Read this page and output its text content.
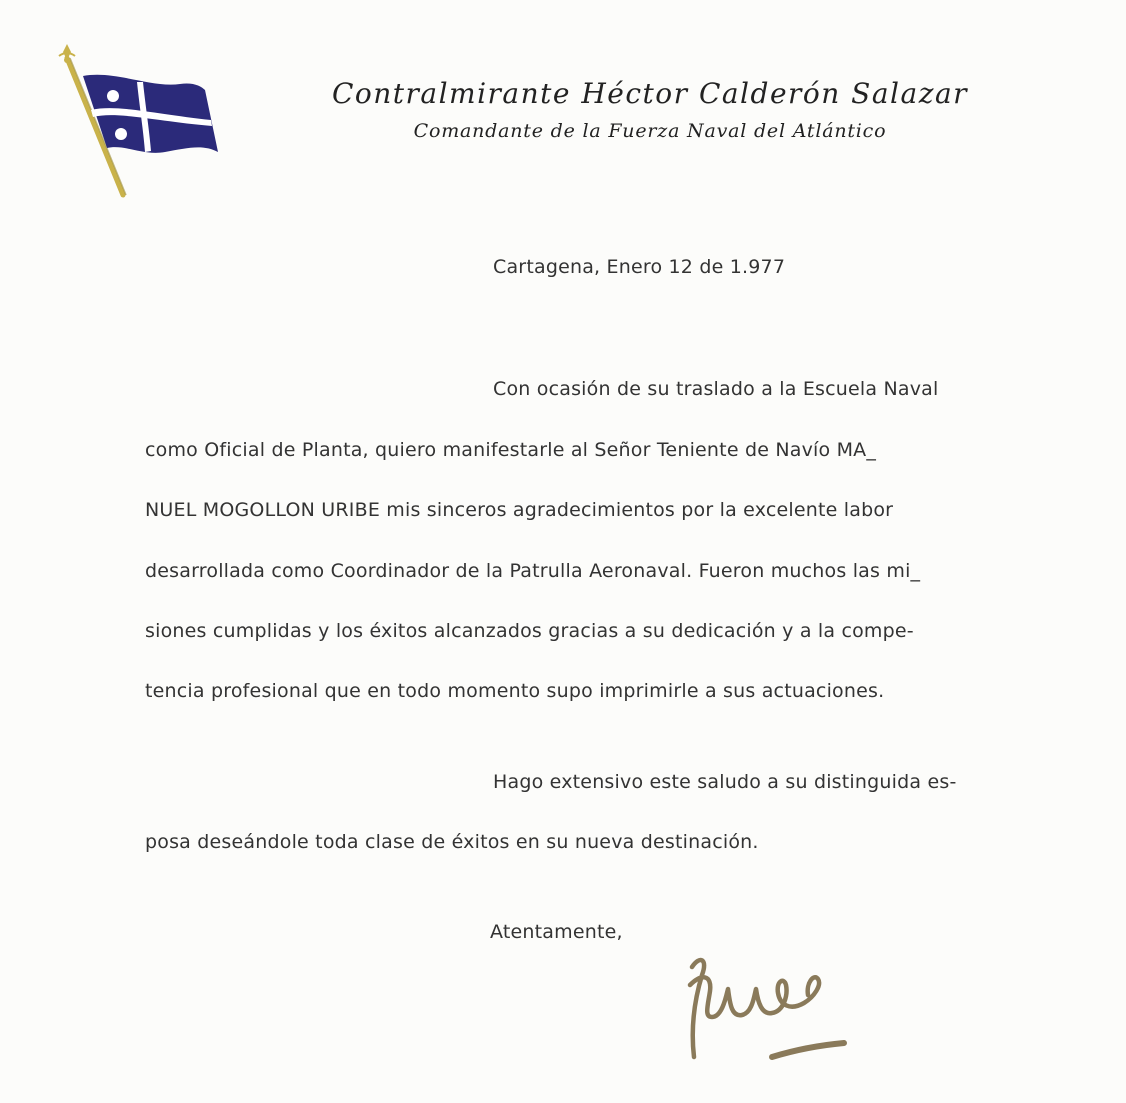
Contralmirante Héctor Calderón Salazar
Comandante de la Fuerza Naval del Atlántico
Cartagena, Enero 12 de 1.977
Con ocasión de su traslado a la Escuela Naval
como Oficial de Planta, quiero manifestarle al Señor Teniente de Navío MA_
NUEL MOGOLLON URIBE mis sinceros agradecimientos por la excelente labor
desarrollada como Coordinador de la Patrulla Aeronaval. Fueron muchos las mi_
siones cumplidas y los éxitos alcanzados gracias a su dedicación y a la compe-
tencia profesional que en todo momento supo imprimirle a sus actuaciones.
Hago extensivo este saludo a su distinguida es-
posa deseándole toda clase de éxitos en su nueva destinación.
Atentamente,
